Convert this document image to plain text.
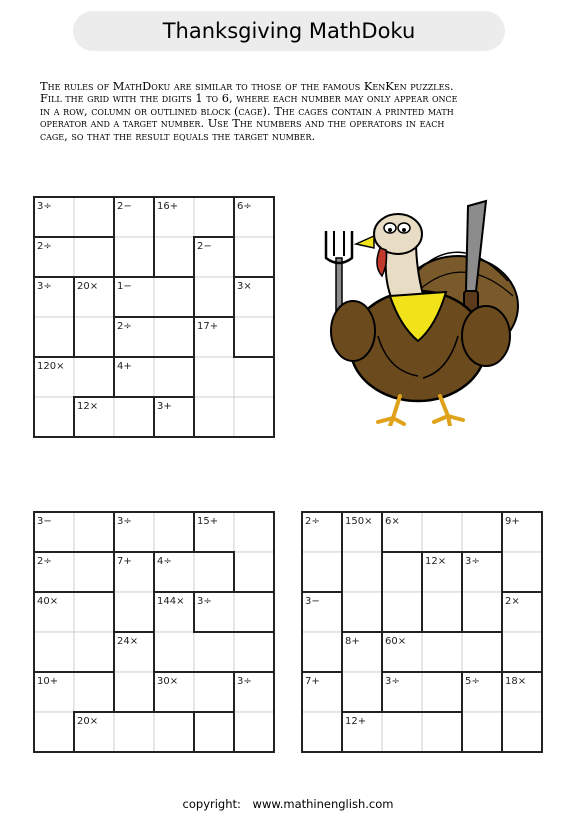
Thanksgiving MathDoku
The rules of MathDoku are similar to those of the famous KenKen puzzles.
Fill the grid with the digits 1 to 6, where each number may only appear once
in a row, column or outlined block (cage). The cages contain a printed math
operator and a target number. Use The numbers and the operators in each
cage, so that the result equals the target number.
3÷	2−	16+	6÷
2÷	2−
3÷	20× 1−	3×
2÷	17+
120×	4+
12×	3+
3−	3÷	15+
2÷	7+	4÷
40×	144× 3÷
24×
10+	30×	3÷
20×
2÷	150× 6×	9+
12× 3÷
3−	2×
8+	60×
7+	3÷	5÷	18×
12+
copyright: www.mathinenglish.com
